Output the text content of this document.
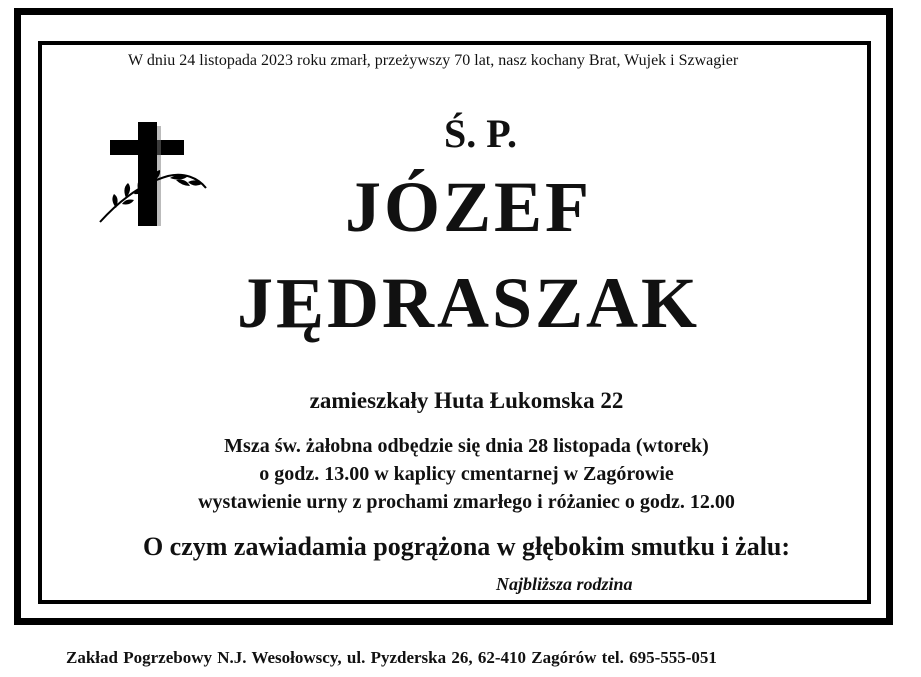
W dniu 24 listopada 2023 roku zmarł, przeżywszy 70 lat, nasz kochany Brat, Wujek i Szwagier
Ś. P.
JÓZEF
JĘDRASZAK
zamieszkały Huta Łukomska 22
Msza św. żałobna odbędzie się dnia 28 listopada (wtorek)
o godz. 13.00 w kaplicy cmentarnej w Zagórowie
wystawienie urny z prochami zmarłego i różaniec o godz. 12.00
O czym zawiadamia pogrążona w głębokim smutku i żalu:
Najbliższa rodzina
Zakład Pogrzebowy N.J. Wesołowscy, ul. Pyzderska 26, 62-410 Zagórów tel. 695-555-051
